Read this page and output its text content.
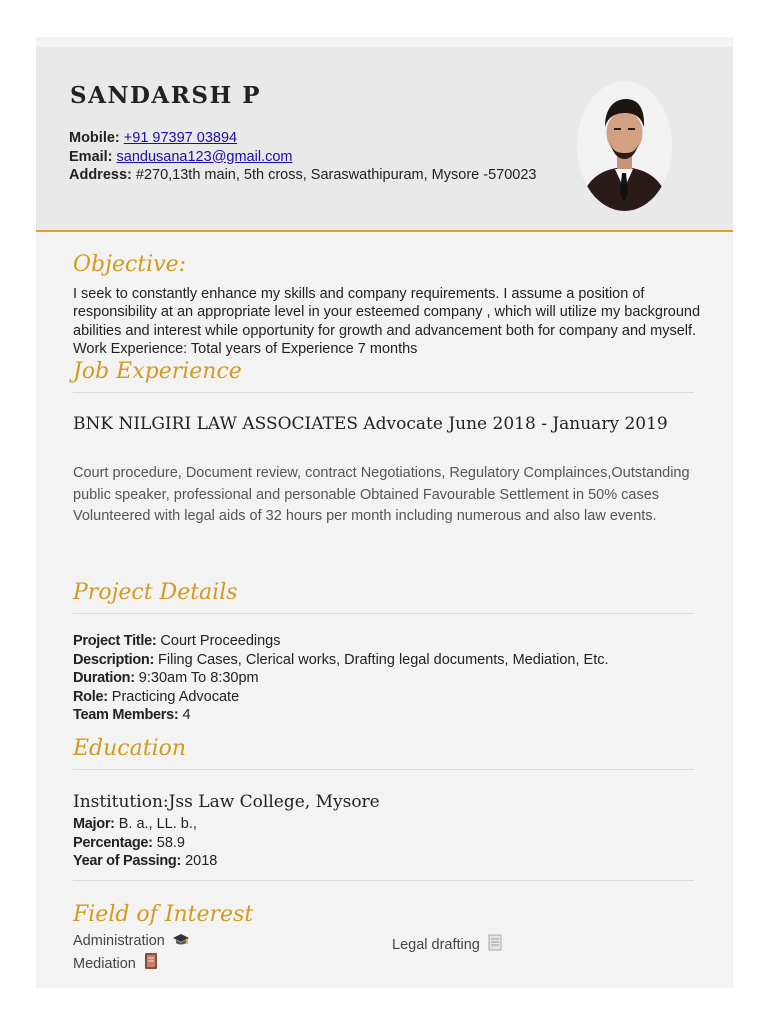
SANDARSH P
Mobile: +91 97397 03894
Email: sandusana123@gmail.com
Address: #270,13th main, 5th cross, Saraswathipuram, Mysore -570023
Objective:
I seek to constantly enhance my skills and company requirements. I assume a position of responsibility at an appropriate level in your esteemed company , which will utilize my background abilities and interest while opportunity for growth and advancement both for company and myself. Work Experience: Total years of Experience 7 months
Job Experience
BNK NILGIRI LAW ASSOCIATES Advocate June 2018 - January 2019
Court procedure, Document review, contract Negotiations, Regulatory Complainces,Outstanding public speaker, professional and personable Obtained Favourable Settlement in 50% cases Volunteered with legal aids of 32 hours per month including numerous and also law events.
Project Details
Project Title: Court Proceedings
Description: Filing Cases, Clerical works, Drafting legal documents, Mediation, Etc.
Duration: 9:30am To 8:30pm
Role: Practicing Advocate
Team Members: 4
Education
Institution:Jss Law College, Mysore
Major: B. a., LL. b.,
Percentage: 58.9
Year of Passing: 2018
Field of Interest
Administration	Legal drafting
Mediation
